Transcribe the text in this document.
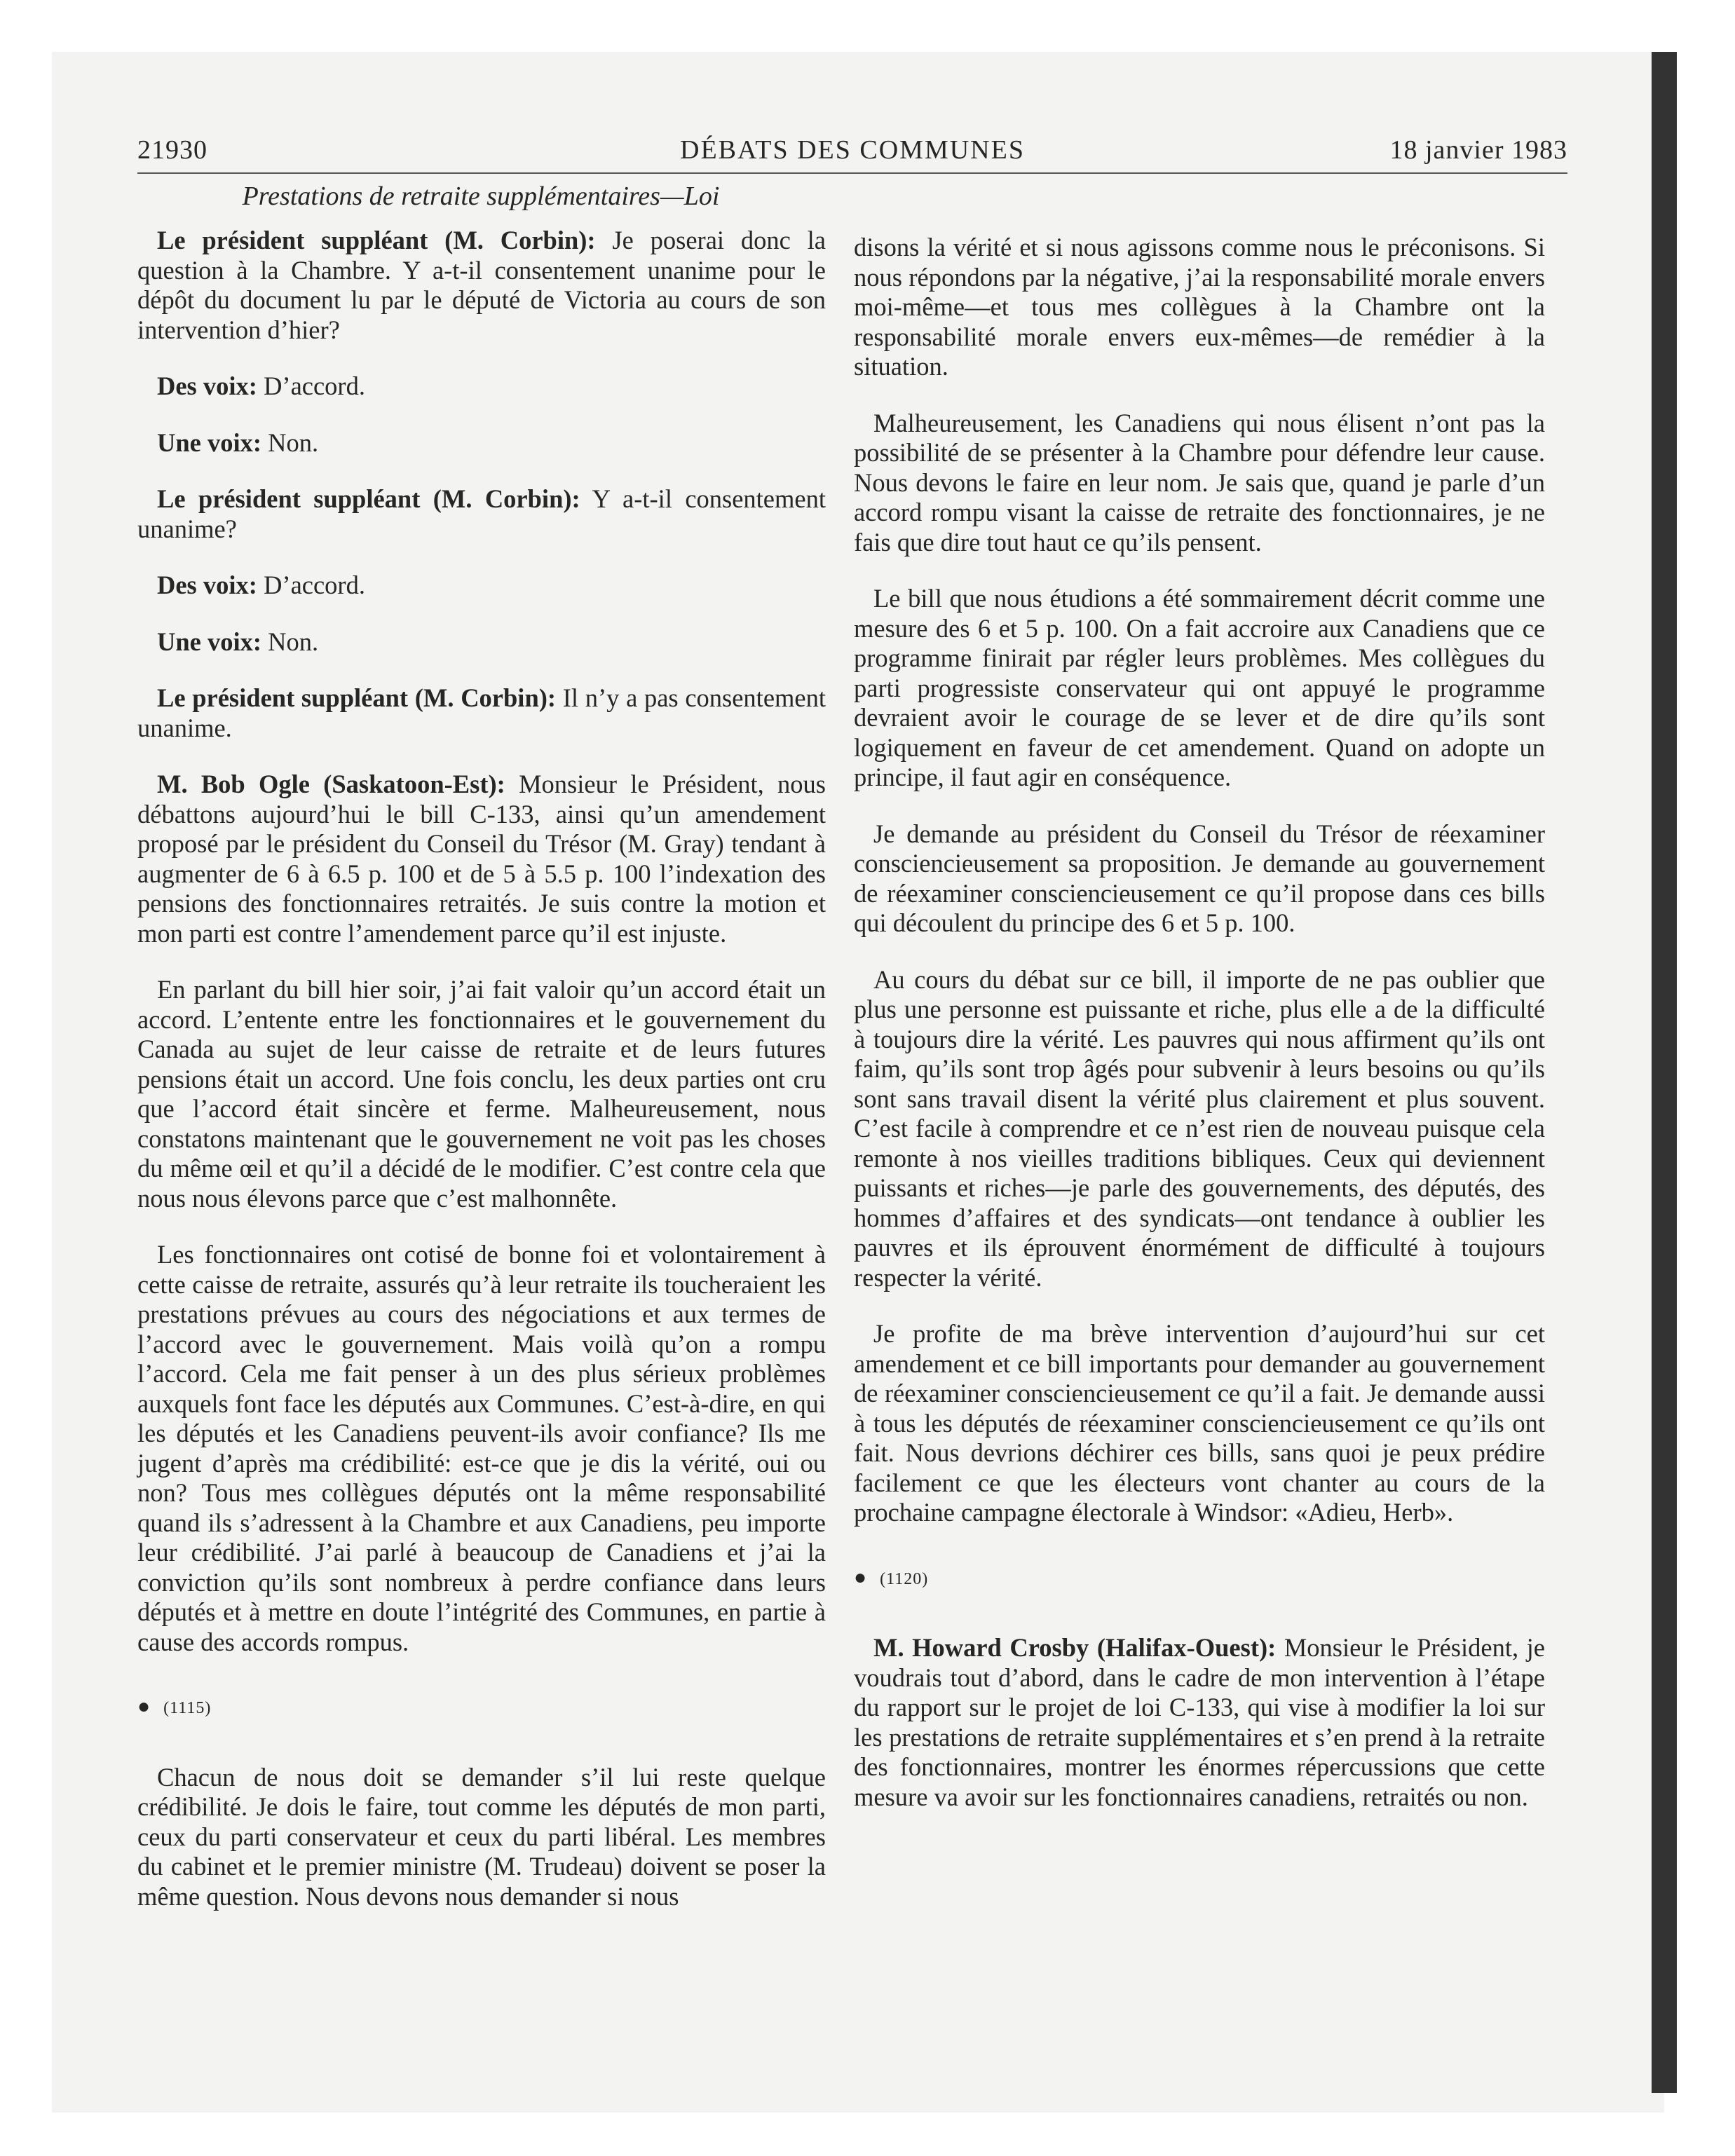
21930	DÉBATS DES COMMUNES	18 janvier 1983
Prestations de retraite supplémentaires—Loi

Le président suppléant (M. Corbin): Je poserai donc la question à la Chambre. Y a-t-il consentement unanime pour le dépôt du document lu par le député de Victoria au cours de son intervention d’hier?

Des voix: D’accord.

Une voix: Non.

Le président suppléant (M. Corbin): Y a-t-il consentement unanime?

Des voix: D’accord.

Une voix: Non.

Le président suppléant (M. Corbin): Il n’y a pas consentement unanime.

M. Bob Ogle (Saskatoon-Est): Monsieur le Président, nous débattons aujourd’hui le bill C-133, ainsi qu’un amendement proposé par le président du Conseil du Trésor (M. Gray) tendant à augmenter de 6 à 6.5 p. 100 et de 5 à 5.5 p. 100 l’indexation des pensions des fonctionnaires retraités. Je suis contre la motion et mon parti est contre l’amendement parce qu’il est injuste.

En parlant du bill hier soir, j’ai fait valoir qu’un accord était un accord. L’entente entre les fonctionnaires et le gouvernement du Canada au sujet de leur caisse de retraite et de leurs futures pensions était un accord. Une fois conclu, les deux parties ont cru que l’accord était sincère et ferme. Malheureusement, nous constatons maintenant que le gouvernement ne voit pas les choses du même œil et qu’il a décidé de le modifier. C’est contre cela que nous nous élevons parce que c’est malhonnête.

Les fonctionnaires ont cotisé de bonne foi et volontairement à cette caisse de retraite, assurés qu’à leur retraite ils toucheraient les prestations prévues au cours des négociations et aux termes de l’accord avec le gouvernement. Mais voilà qu’on a rompu l’accord. Cela me fait penser à un des plus sérieux problèmes auxquels font face les députés aux Communes. C’est-à-dire, en qui les députés et les Canadiens peuvent-ils avoir confiance? Ils me jugent d’après ma crédibilité: est-ce que je dis la vérité, oui ou non? Tous mes collègues députés ont la même responsabilité quand ils s’adressent à la Chambre et aux Canadiens, peu importe leur crédibilité. J’ai parlé à beaucoup de Canadiens et j’ai la conviction qu’ils sont nombreux à perdre confiance dans leurs députés et à mettre en doute l’intégrité des Communes, en partie à cause des accords rompus.

● (1115)

Chacun de nous doit se demander s’il lui reste quelque crédibilité. Je dois le faire, tout comme les députés de mon parti, ceux du parti conservateur et ceux du parti libéral. Les membres du cabinet et le premier ministre (M. Trudeau) doivent se poser la même question. Nous devons nous demander si nous

disons la vérité et si nous agissons comme nous le préconisons. Si nous répondons par la négative, j’ai la responsabilité morale envers moi-même—et tous mes collègues à la Chambre ont la responsabilité morale envers eux-mêmes—de remédier à la situation.

Malheureusement, les Canadiens qui nous élisent n’ont pas la possibilité de se présenter à la Chambre pour défendre leur cause. Nous devons le faire en leur nom. Je sais que, quand je parle d’un accord rompu visant la caisse de retraite des fonctionnaires, je ne fais que dire tout haut ce qu’ils pensent.

Le bill que nous étudions a été sommairement décrit comme une mesure des 6 et 5 p. 100. On a fait accroire aux Canadiens que ce programme finirait par régler leurs problèmes. Mes collègues du parti progressiste conservateur qui ont appuyé le programme devraient avoir le courage de se lever et de dire qu’ils sont logiquement en faveur de cet amendement. Quand on adopte un principe, il faut agir en conséquence.

Je demande au président du Conseil du Trésor de réexaminer consciencieusement sa proposition. Je demande au gouvernement de réexaminer consciencieusement ce qu’il propose dans ces bills qui découlent du principe des 6 et 5 p. 100.

Au cours du débat sur ce bill, il importe de ne pas oublier que plus une personne est puissante et riche, plus elle a de la difficulté à toujours dire la vérité. Les pauvres qui nous affirment qu’ils ont faim, qu’ils sont trop âgés pour subvenir à leurs besoins ou qu’ils sont sans travail disent la vérité plus clairement et plus souvent. C’est facile à comprendre et ce n’est rien de nouveau puisque cela remonte à nos vieilles traditions bibliques. Ceux qui deviennent puissants et riches—je parle des gouvernements, des députés, des hommes d’affaires et des syndicats—ont tendance à oublier les pauvres et ils éprouvent énormément de difficulté à toujours respecter la vérité.

Je profite de ma brève intervention d’aujourd’hui sur cet amendement et ce bill importants pour demander au gouvernement de réexaminer consciencieusement ce qu’il a fait. Je demande aussi à tous les députés de réexaminer consciencieusement ce qu’ils ont fait. Nous devrions déchirer ces bills, sans quoi je peux prédire facilement ce que les électeurs vont chanter au cours de la prochaine campagne électorale à Windsor: «Adieu, Herb».

● (1120)

M. Howard Crosby (Halifax-Ouest): Monsieur le Président, je voudrais tout d’abord, dans le cadre de mon intervention à l’étape du rapport sur le projet de loi C-133, qui vise à modifier la loi sur les prestations de retraite supplémentaires et s’en prend à la retraite des fonctionnaires, montrer les énormes répercussions que cette mesure va avoir sur les fonctionnaires canadiens, retraités ou non.
